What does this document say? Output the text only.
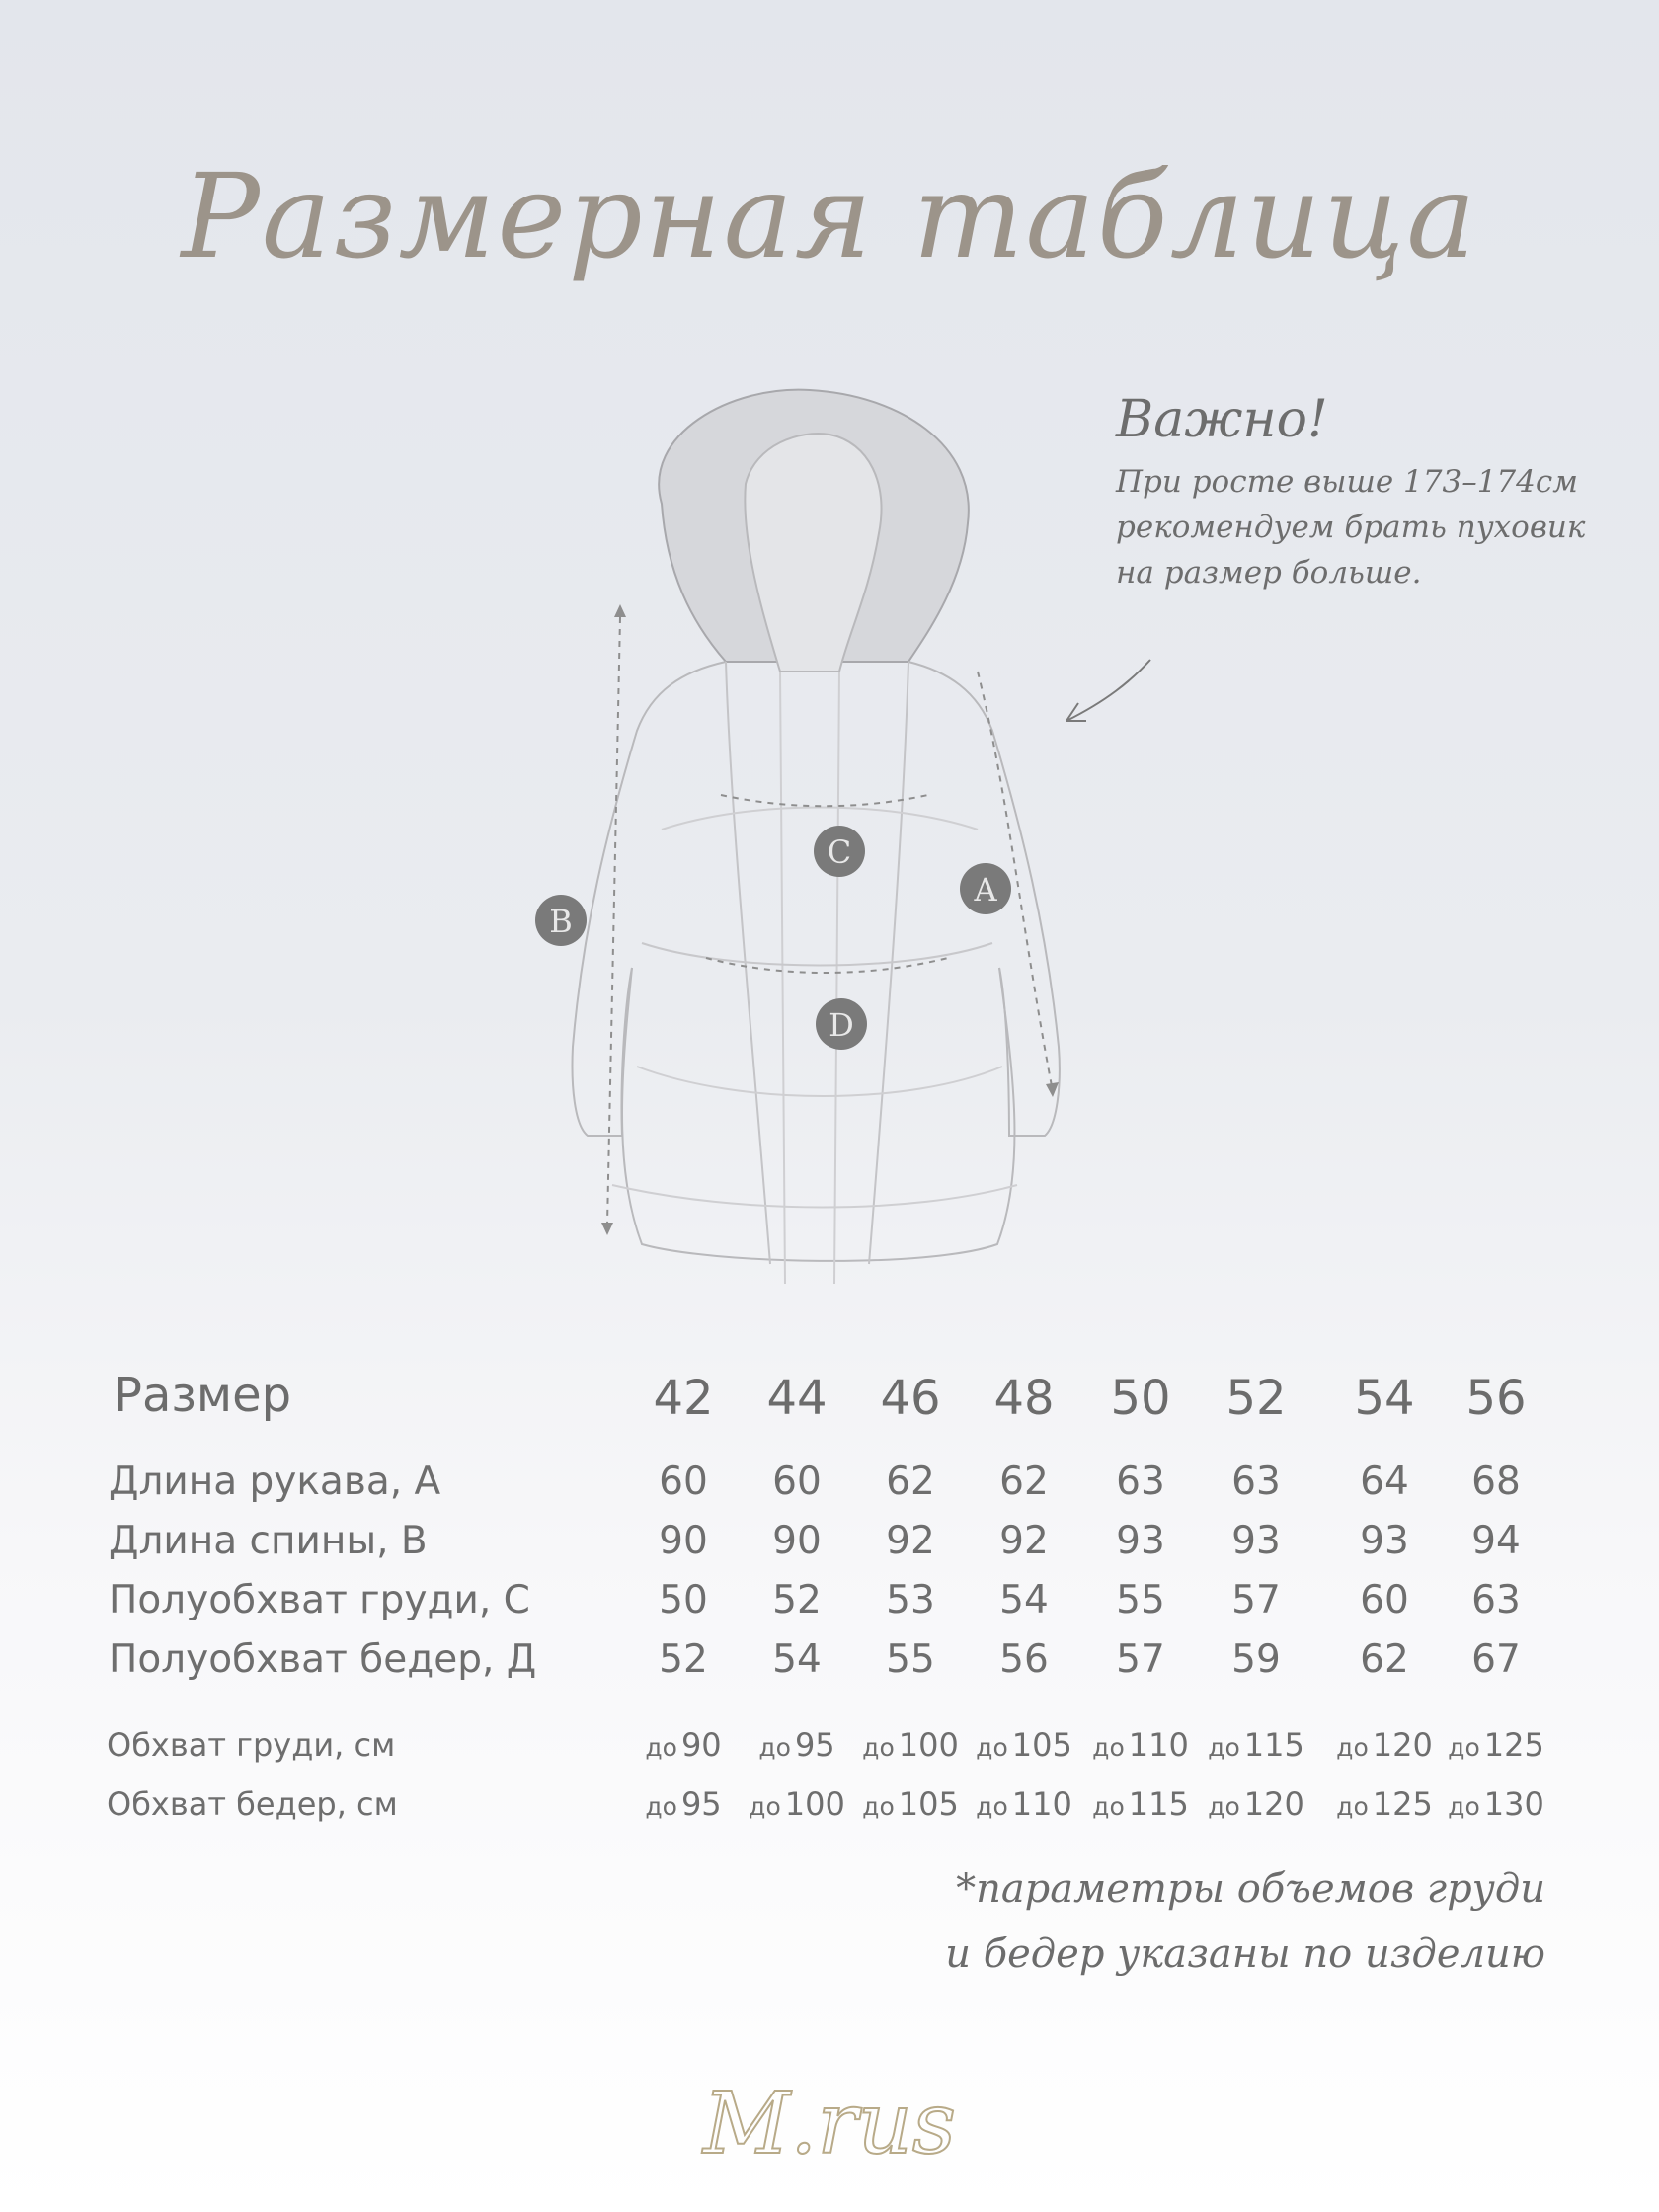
Размерная таблица
A
B
C
D
Важно!
При росте выше 173–174см рекомендуем брать пуховик на размер больше.
Размер	42 44 46 48 50 52 54 56
Длина рукава, А	60 60 62 62 63 63 64 68
Длина спины, В	90 90 92 92 93 93 93 94
Полуобхват груди, С	50 52 53 54 55 57 60 63
Полуобхват бедер, Д	52 54 55 56 57 59 62 67
Обхват груди, см	до 90 до 95 до 100 до 105 до 110 до 115 до 120 до 125
Обхват бедер, см	до 95 до 100 до 105 до 110 до 115 до 120 до 125 до 130
*параметры объемов груди
и бедер указаны по изделию
M.rus
